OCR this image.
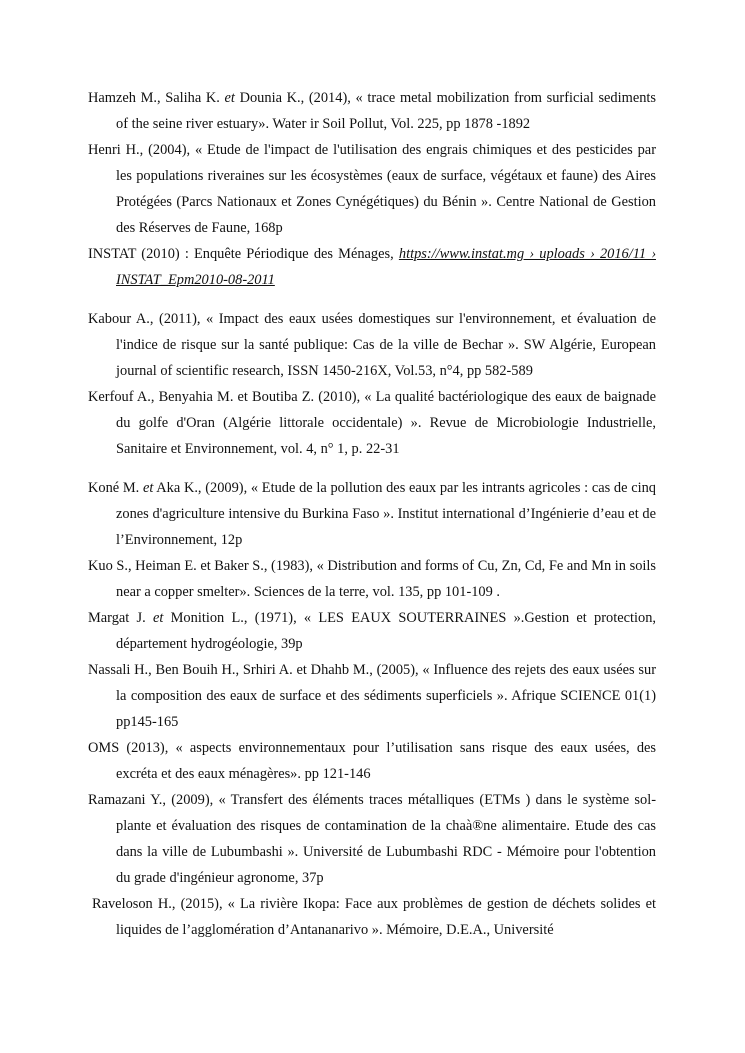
Hamzeh M., Saliha K. et Dounia K., (2014), « trace metal mobilization from surficial sediments of the seine river estuary». Water ir Soil Pollut, Vol. 225, pp 1878 -1892

Henri H., (2004), « Etude de l'impact de l'utilisation des engrais chimiques et des pesticides par les populations riveraines sur les écosystèmes (eaux de surface, végétaux et faune) des Aires Protégées (Parcs Nationaux et Zones Cynégétiques) du Bénin ». Centre National de Gestion des Réserves de Faune, 168p

INSTAT (2010) : Enquête Périodique des Ménages, https://www.instat.mg › uploads › 2016/11 › INSTAT_Epm2010-08-2011

Kabour A., (2011), « Impact des eaux usées domestiques sur l'environnement, et évaluation de l'indice de risque sur la santé publique: Cas de la ville de Bechar ». SW Algérie, European journal of scientific research, ISSN 1450-216X, Vol.53, n°4, pp 582-589

Kerfouf A., Benyahia M. et Boutiba Z. (2010), « La qualité bactériologique des eaux de baignade du golfe d'Oran (Algérie littorale occidentale) ». Revue de Microbiologie Industrielle, Sanitaire et Environnement, vol. 4, n° 1, p. 22-31

Koné M. et Aka K., (2009), « Etude de la pollution des eaux par les intrants agricoles : cas de cinq zones d'agriculture intensive du Burkina Faso ». Institut international d’Ingénierie d’eau et de l’Environnement, 12p

Kuo S., Heiman E. et Baker S., (1983), « Distribution and forms of Cu, Zn, Cd, Fe and Mn in soils near a copper smelter». Sciences de la terre, vol. 135, pp 101-109 .

Margat J. et Monition L., (1971), « LES EAUX SOUTERRAINES ».Gestion et protection, département hydrogéologie, 39p

Nassali H., Ben Bouih H., Srhiri A. et Dhahb M., (2005), « Influence des rejets des eaux usées sur la composition des eaux de surface et des sédiments superficiels ». Afrique SCIENCE 01(1) pp145-165

OMS (2013), « aspects environnementaux pour l’utilisation sans risque des eaux usées, des excréta et des eaux ménagères». pp 121-146

Ramazani Y., (2009), « Transfert des éléments traces métalliques (ETMs ) dans le système sol- plante et évaluation des risques de contamination de la chaà®ne alimentaire. Etude des cas dans la ville de Lubumbashi ». Université de Lubumbashi RDC - Mémoire pour l'obtention du grade d'ingénieur agronome, 37p

Raveloson H., (2015), « La rivière Ikopa: Face aux problèmes de gestion de déchets solides et liquides de l’agglomération d’Antananarivo ». Mémoire, D.E.A., Université
